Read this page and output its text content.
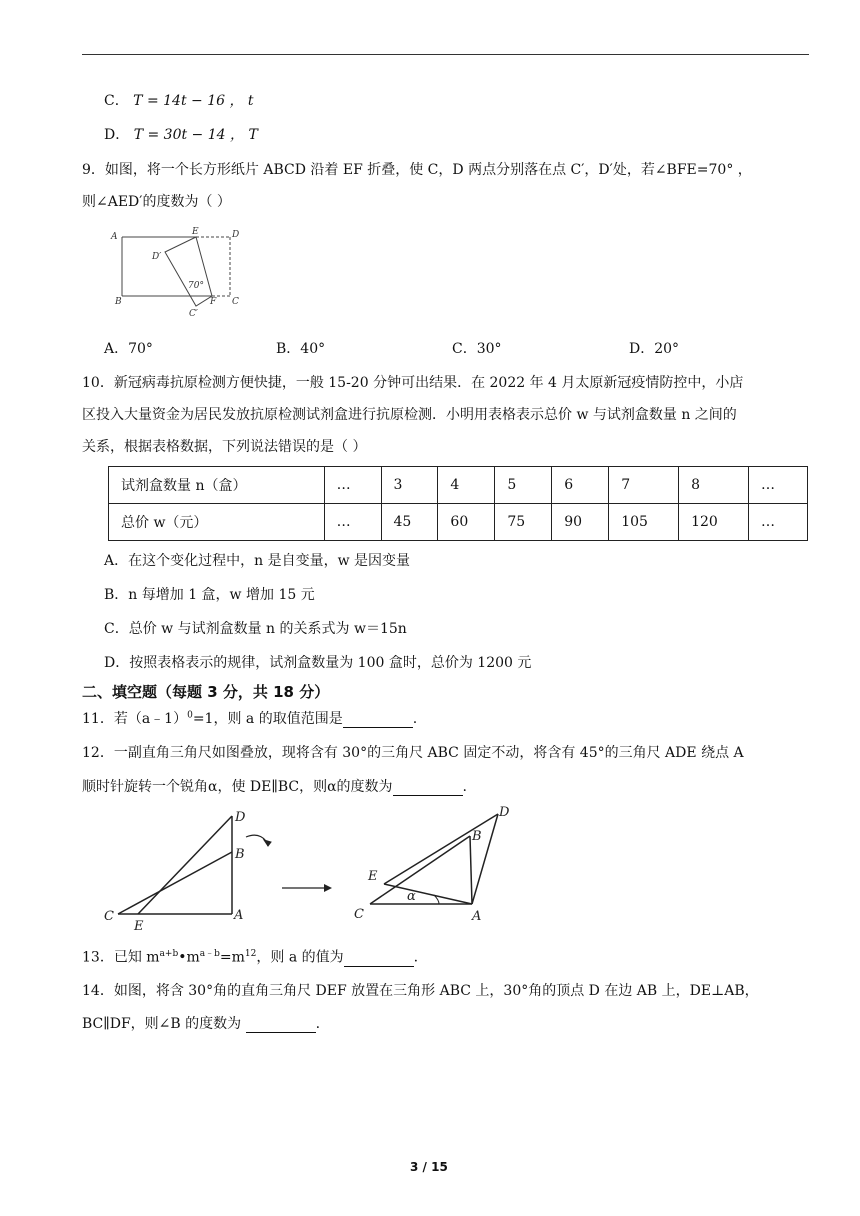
C． T = 14t − 16 ， t
D． T = 30t − 14 ， T
9．如图，将一个长方形纸片 ABCD 沿着 EF 折叠，使 C，D 两点分别落在点 C′，D′处，若∠BFE=70° ，
则∠AED′的度数为（ ）
A
B	C
D
E
F
C′
D′
70°
A．70°	B．40°	C．30°	D．20°
10．新冠病毒抗原检测方便快捷，一般 15-20 分钟可出结果．在 2022 年 4 月太原新冠疫情防控中，小店
区投入大量资金为居民发放抗原检测试剂盒进行抗原检测．小明用表格表示总价 w 与试剂盒数量 n 之间的
关系，根据表格数据，下列说法错误的是（ ）
试剂盒数量 n（盒）	…	3	4	5	6	7	8	…
总价 w（元）	…	45	60	75	90	105	120	…
A．在这个变化过程中，n 是自变量，w 是因变量
B．n 每增加 1 盒，w 增加 15 元
C．总价 w 与试剂盒数量 n 的关系式为 w＝15n
D．按照表格表示的规律，试剂盒数量为 100 盒时，总价为 1200 元
二、填空题（每题 3 分，共 18 分）
11．若（a﹣1）$^0$=1，则 a 的取值范围是	.
12．一副直角三角尺如图叠放，现将含有 30°的三角尺 ABC 固定不动，将含有 45°的三角尺 ADE 绕点 A
顺时针旋转一个锐角α，使 DE∥BC，则α的度数为	.
D
B
C
E
A
D
B
E
C	A
α
13．已知 $m^{a+b}•m^{a﹣b}=m^{12}$，则 a 的值为	.
14．如图，将含 30°角的直角三角尺 DEF 放置在三角形 ABC 上，30°角的顶点 D 在边 AB 上，DE⊥AB，
BC∥DF，则∠B 的度数为	.
3 / 15
